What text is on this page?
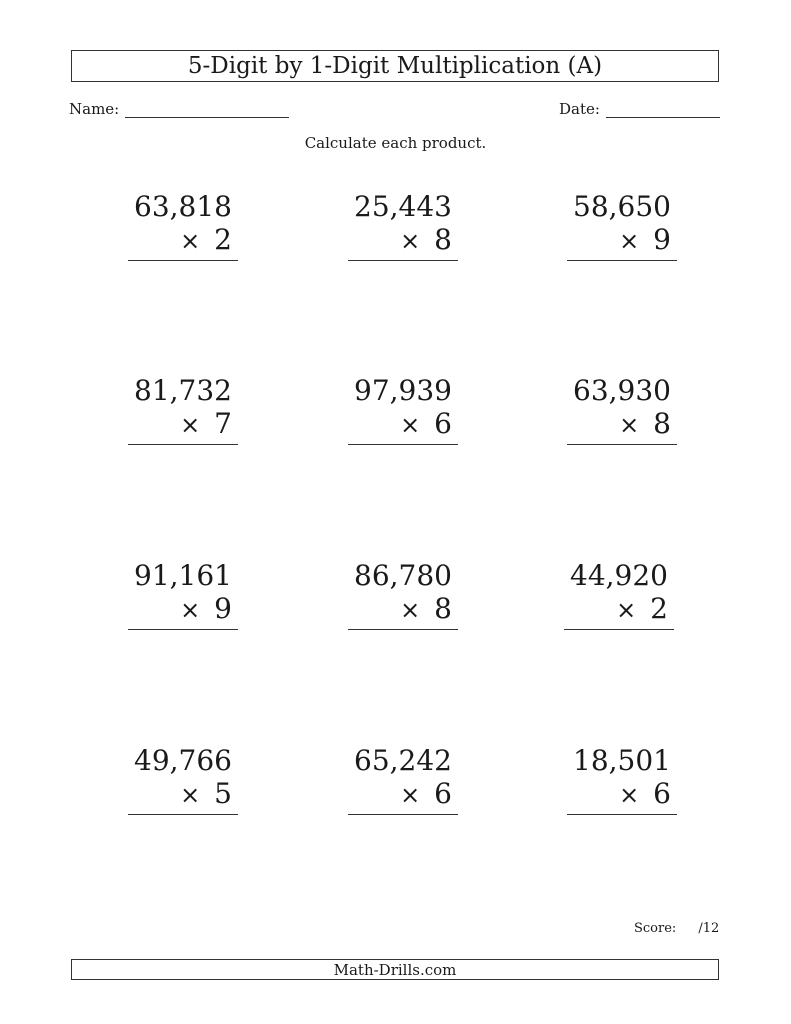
5-Digit by 1-Digit Multiplication (A)
Name:	Date:
Calculate each product.
63,818
× 2
25,443
× 8
58,650
× 9
81,732
× 7
97,939
× 6
63,930
× 8
91,161
× 9
86,780
× 8
44,920
× 2
49,766
× 5
65,242
× 6
18,501
× 6
Score: /12
Math-Drills.com
